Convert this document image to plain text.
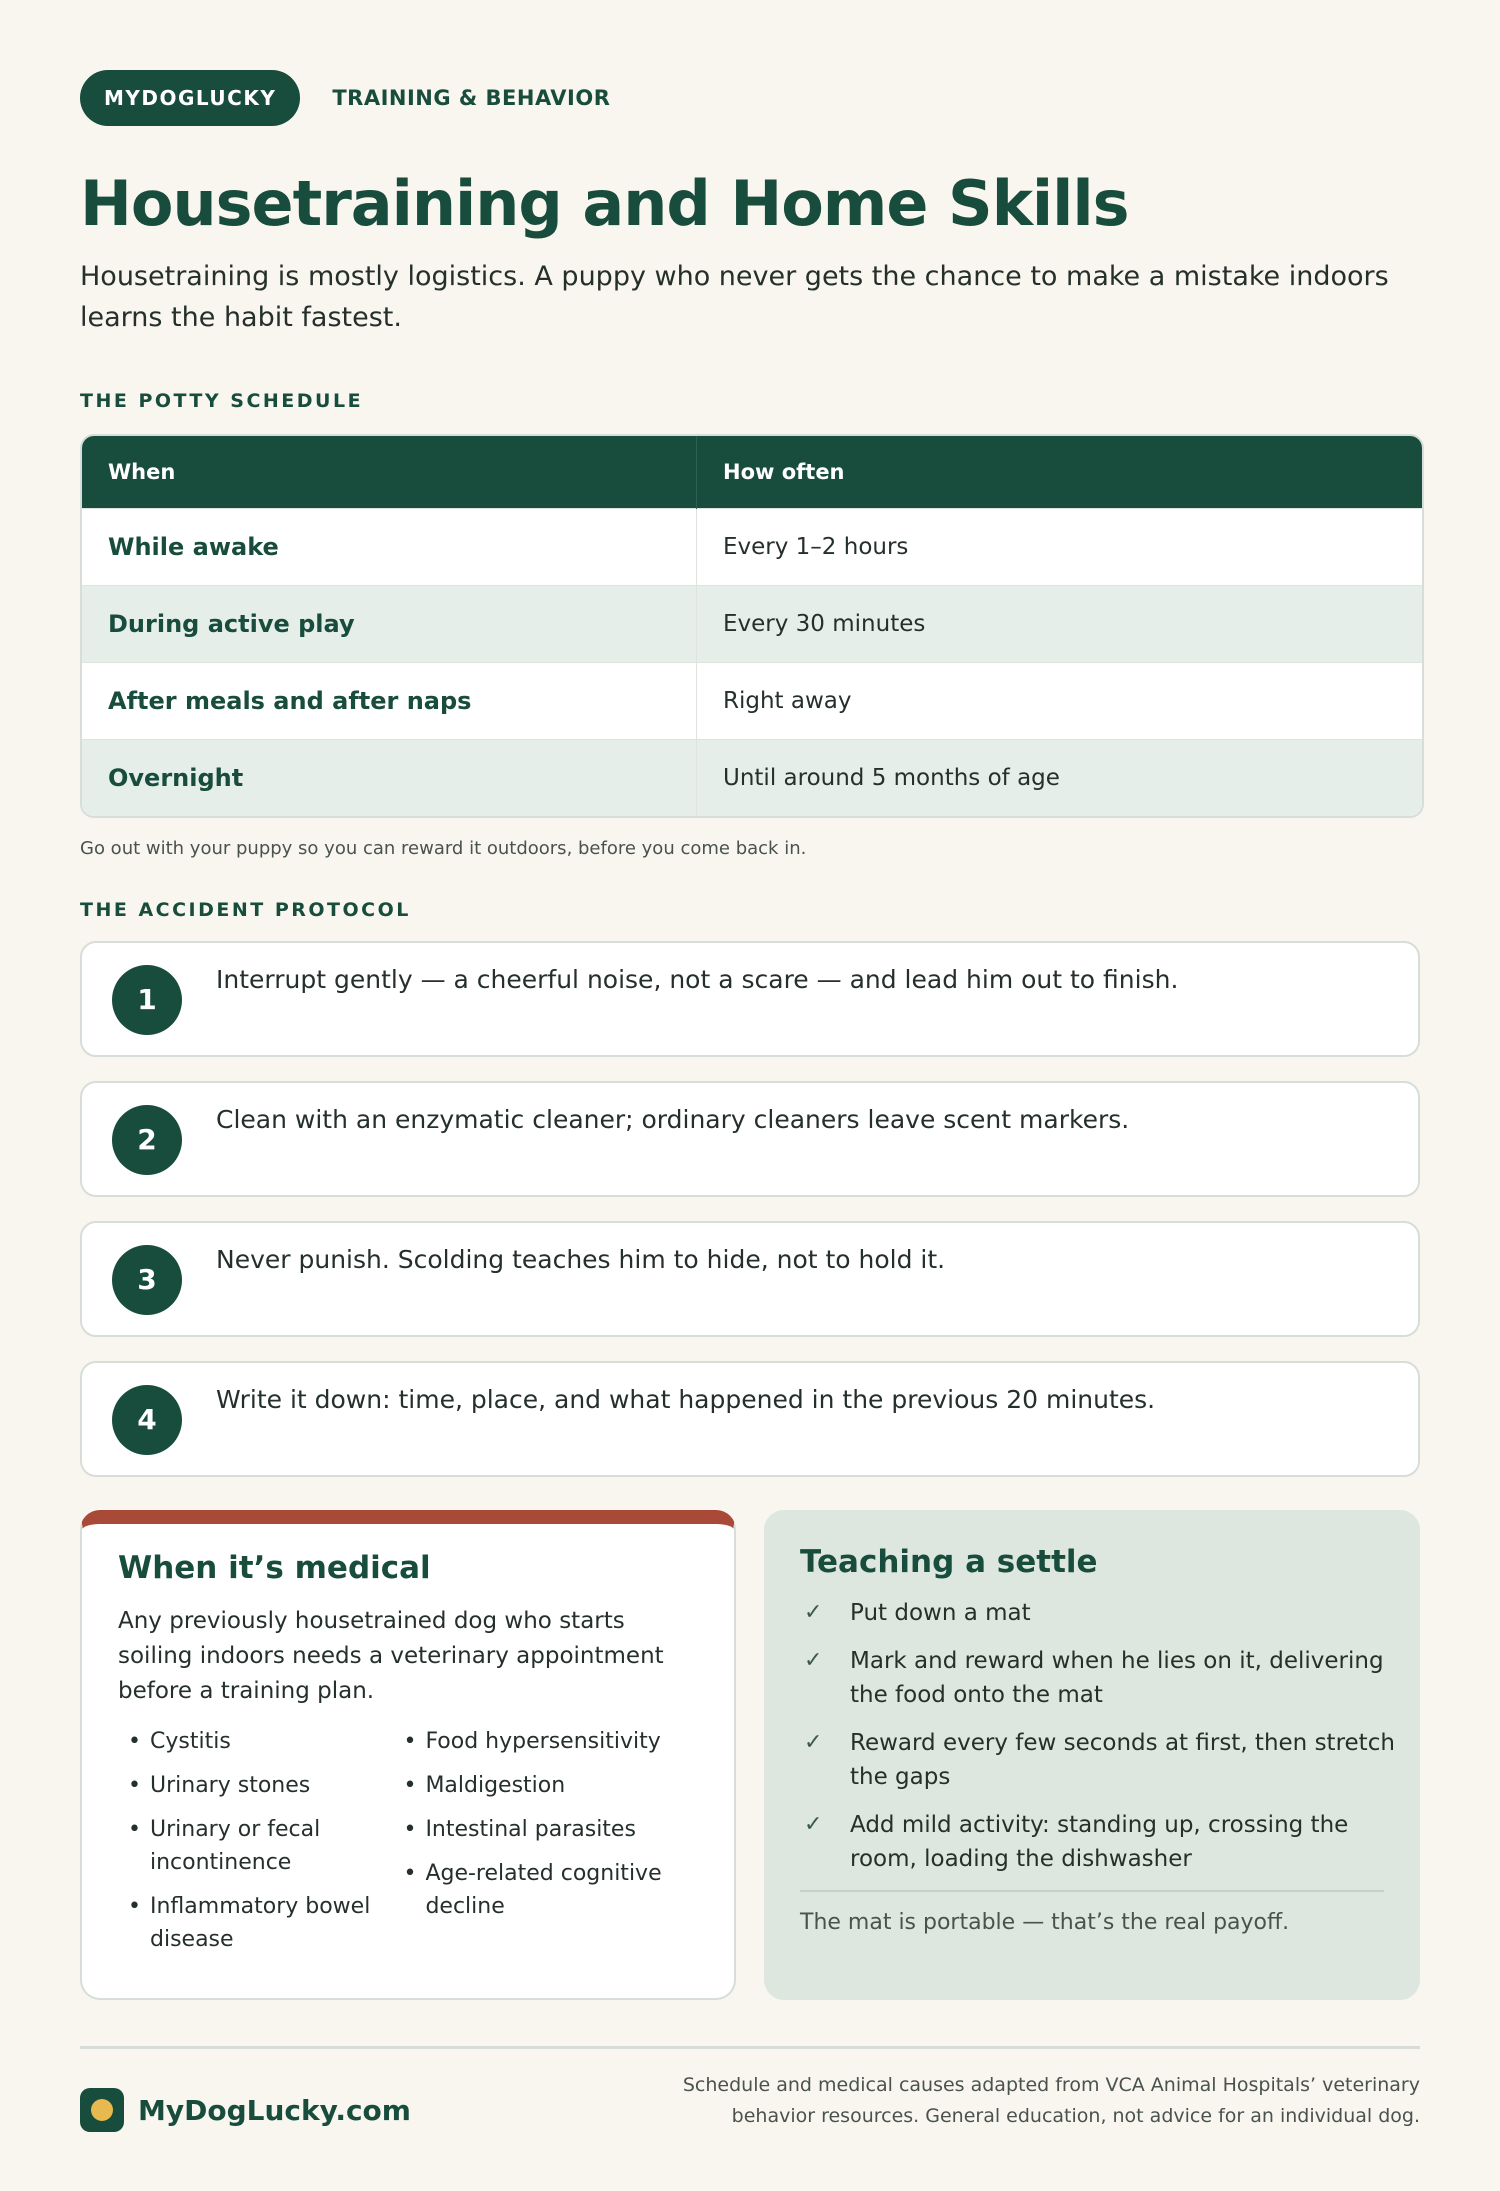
MYDOGLUCKY	TRAINING & BEHAVIOR
Housetraining and Home Skills
Housetraining is mostly logistics. A puppy who never gets the chance to make a mistake indoors learns the habit fastest.
THE POTTY SCHEDULE
When	How often
While awake	Every 1–2 hours
During active play	Every 30 minutes
After meals and after naps	Right away
Overnight	Until around 5 months of age
Go out with your puppy so you can reward it outdoors, before you come back in.
THE ACCIDENT PROTOCOL
1
Interrupt gently — a cheerful noise, not a scare — and lead him out to finish.
2
Clean with an enzymatic cleaner; ordinary cleaners leave scent markers.
3
Never punish. Scolding teaches him to hide, not to hold it.
4
Write it down: time, place, and what happened in the previous 20 minutes.
When it’s medical

Any previously housetrained dog who starts soiling indoors needs a veterinary appointment before a training plan.

• Cystitis
• Urinary stones
• Urinary or fecal incontinence
• Inflammatory bowel disease
• Food hypersensitivity
• Maldigestion
• Intestinal parasites
• Age-related cognitive decline
Teaching a settle
✓ Put down a mat
✓ Mark and reward when he lies on it, delivering the food onto the mat
✓ Reward every few seconds at first, then stretch the gaps
✓ Add mild activity: standing up, crossing the room, loading the dishwasher
The mat is portable — that’s the real payoff.
MyDogLucky.com
Schedule and medical causes adapted from VCA Animal Hospitals’ veterinary behavior resources. General education, not advice for an individual dog.
